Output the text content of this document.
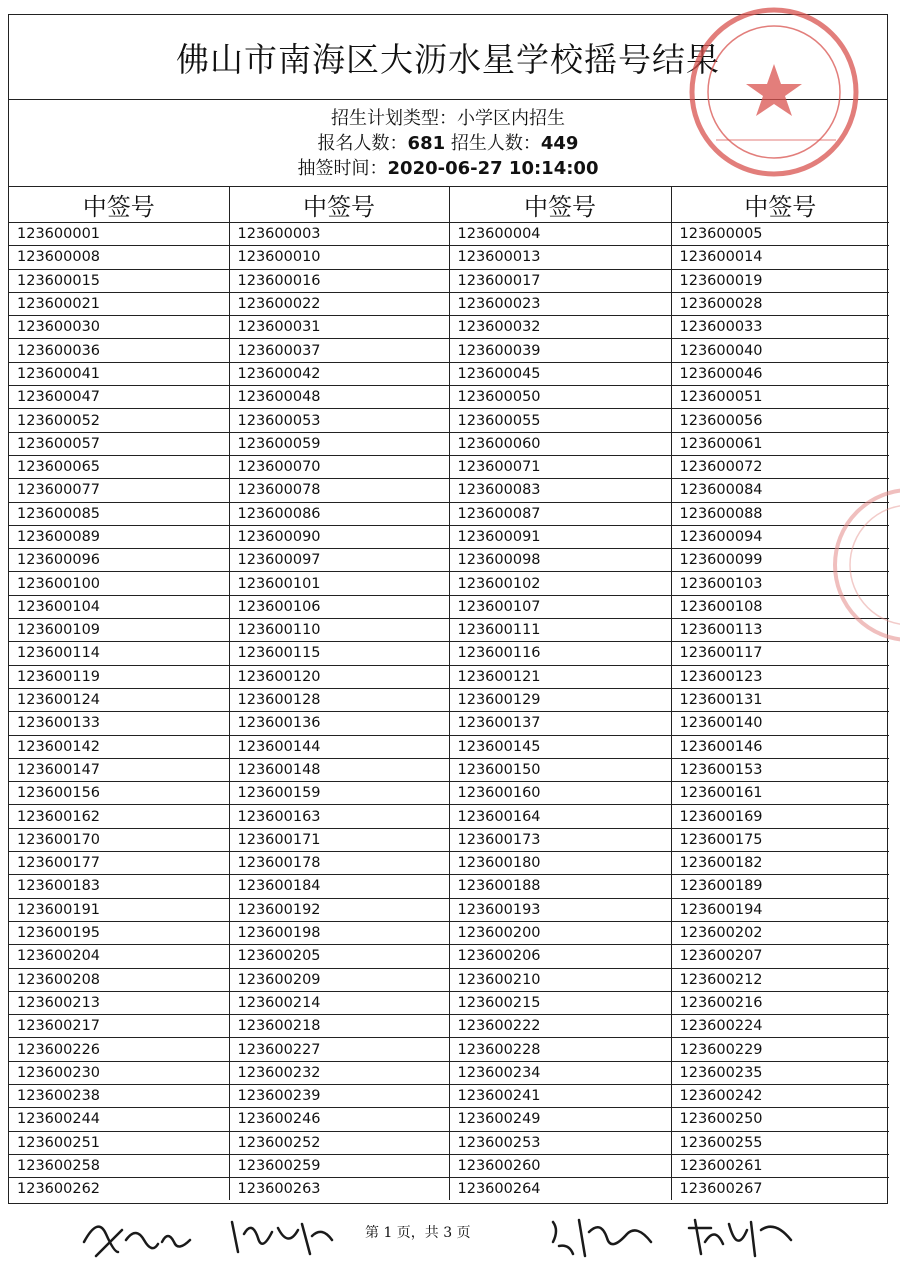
佛山市南海区大沥水星学校摇号结果
招生计划类型：小学区内招生
报名人数：681 招生人数：449
抽签时间：2020-06-27 10:14:00
中签号	中签号	中签号	中签号
123600001	123600003	123600004	123600005
123600008	123600010	123600013	123600014
123600015	123600016	123600017	123600019
123600021	123600022	123600023	123600028
123600030	123600031	123600032	123600033
123600036	123600037	123600039	123600040
123600041	123600042	123600045	123600046
123600047	123600048	123600050	123600051
123600052	123600053	123600055	123600056
123600057	123600059	123600060	123600061
123600065	123600070	123600071	123600072
123600077	123600078	123600083	123600084
123600085	123600086	123600087	123600088
123600089	123600090	123600091	123600094
123600096	123600097	123600098	123600099
123600100	123600101	123600102	123600103
123600104	123600106	123600107	123600108
123600109	123600110	123600111	123600113
123600114	123600115	123600116	123600117
123600119	123600120	123600121	123600123
123600124	123600128	123600129	123600131
123600133	123600136	123600137	123600140
123600142	123600144	123600145	123600146
123600147	123600148	123600150	123600153
123600156	123600159	123600160	123600161
123600162	123600163	123600164	123600169
123600170	123600171	123600173	123600175
123600177	123600178	123600180	123600182
123600183	123600184	123600188	123600189
123600191	123600192	123600193	123600194
123600195	123600198	123600200	123600202
123600204	123600205	123600206	123600207
123600208	123600209	123600210	123600212
123600213	123600214	123600215	123600216
123600217	123600218	123600222	123600224
123600226	123600227	123600228	123600229
123600230	123600232	123600234	123600235
123600238	123600239	123600241	123600242
123600244	123600246	123600249	123600250
123600251	123600252	123600253	123600255
123600258	123600259	123600260	123600261
123600262	123600263	123600264	123600267
第 1 页，共 3 页
